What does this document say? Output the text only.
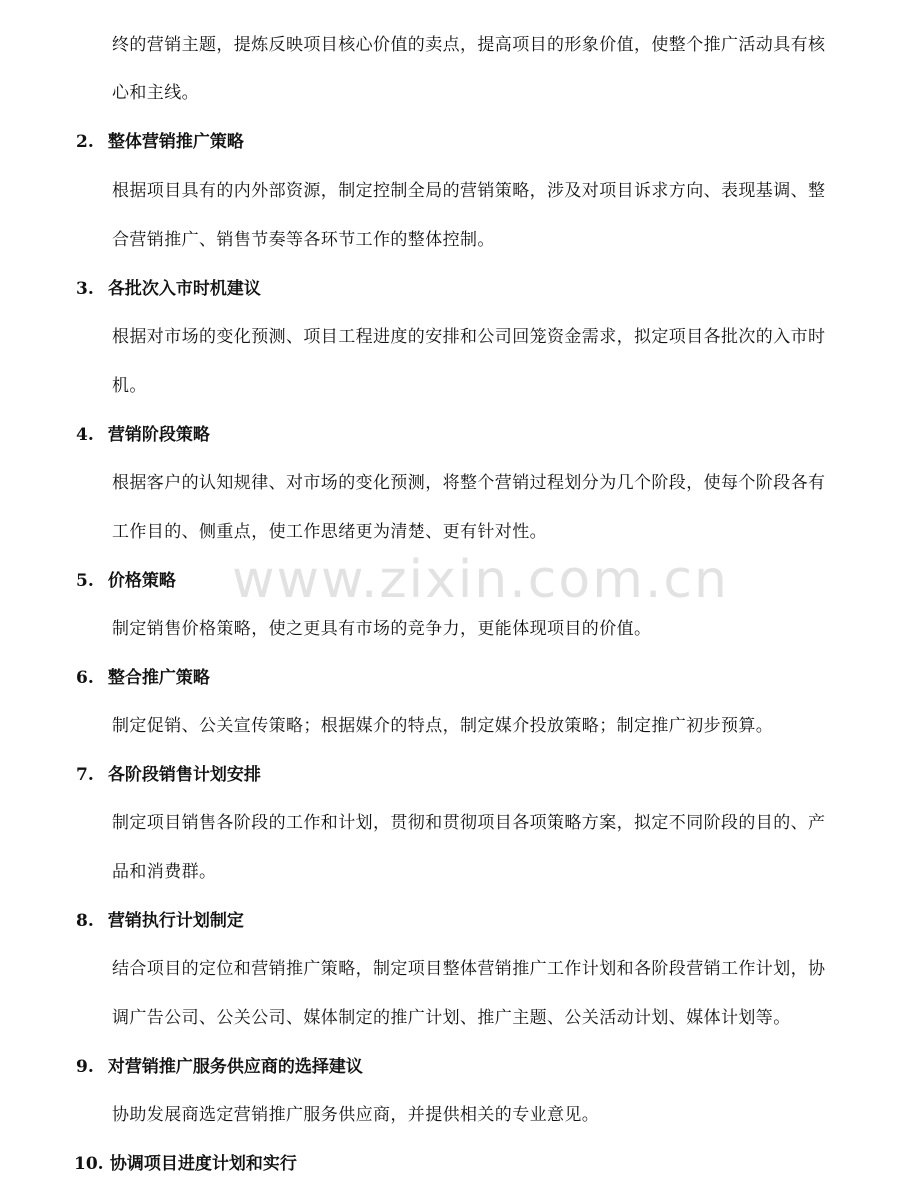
终的营销主题，提炼反映项目核心价值的卖点，提高项目的形象价值，使整个推广活动具有核
心和主线。
2. 整体营销推广策略
根据项目具有的内外部资源，制定控制全局的营销策略，涉及对项目诉求方向、表现基调、整
合营销推广、销售节奏等各环节工作的整体控制。
3. 各批次入市时机建议
根据对市场的变化预测、项目工程进度的安排和公司回笼资金需求，拟定项目各批次的入市时
机。
4. 营销阶段策略
根据客户的认知规律、对市场的变化预测，将整个营销过程划分为几个阶段，使每个阶段各有
工作目的、侧重点，使工作思绪更为清楚、更有针对性。
5. 价格策略
制定销售价格策略，使之更具有市场的竞争力，更能体现项目的价值。
6. 整合推广策略
制定促销、公关宣传策略；根据媒介的特点，制定媒介投放策略；制定推广初步预算。
7. 各阶段销售计划安排
制定项目销售各阶段的工作和计划，贯彻和贯彻项目各项策略方案，拟定不同阶段的目的、产
品和消费群。
8. 营销执行计划制定
结合项目的定位和营销推广策略，制定项目整体营销推广工作计划和各阶段营销工作计划，协
调广告公司、公关公司、媒体制定的推广计划、推广主题、公关活动计划、媒体计划等。
9. 对营销推广服务供应商的选择建议
协助发展商选定营销推广服务供应商，并提供相关的专业意见。
10. 协调项目进度计划和实行
www.zixin.com.cn
